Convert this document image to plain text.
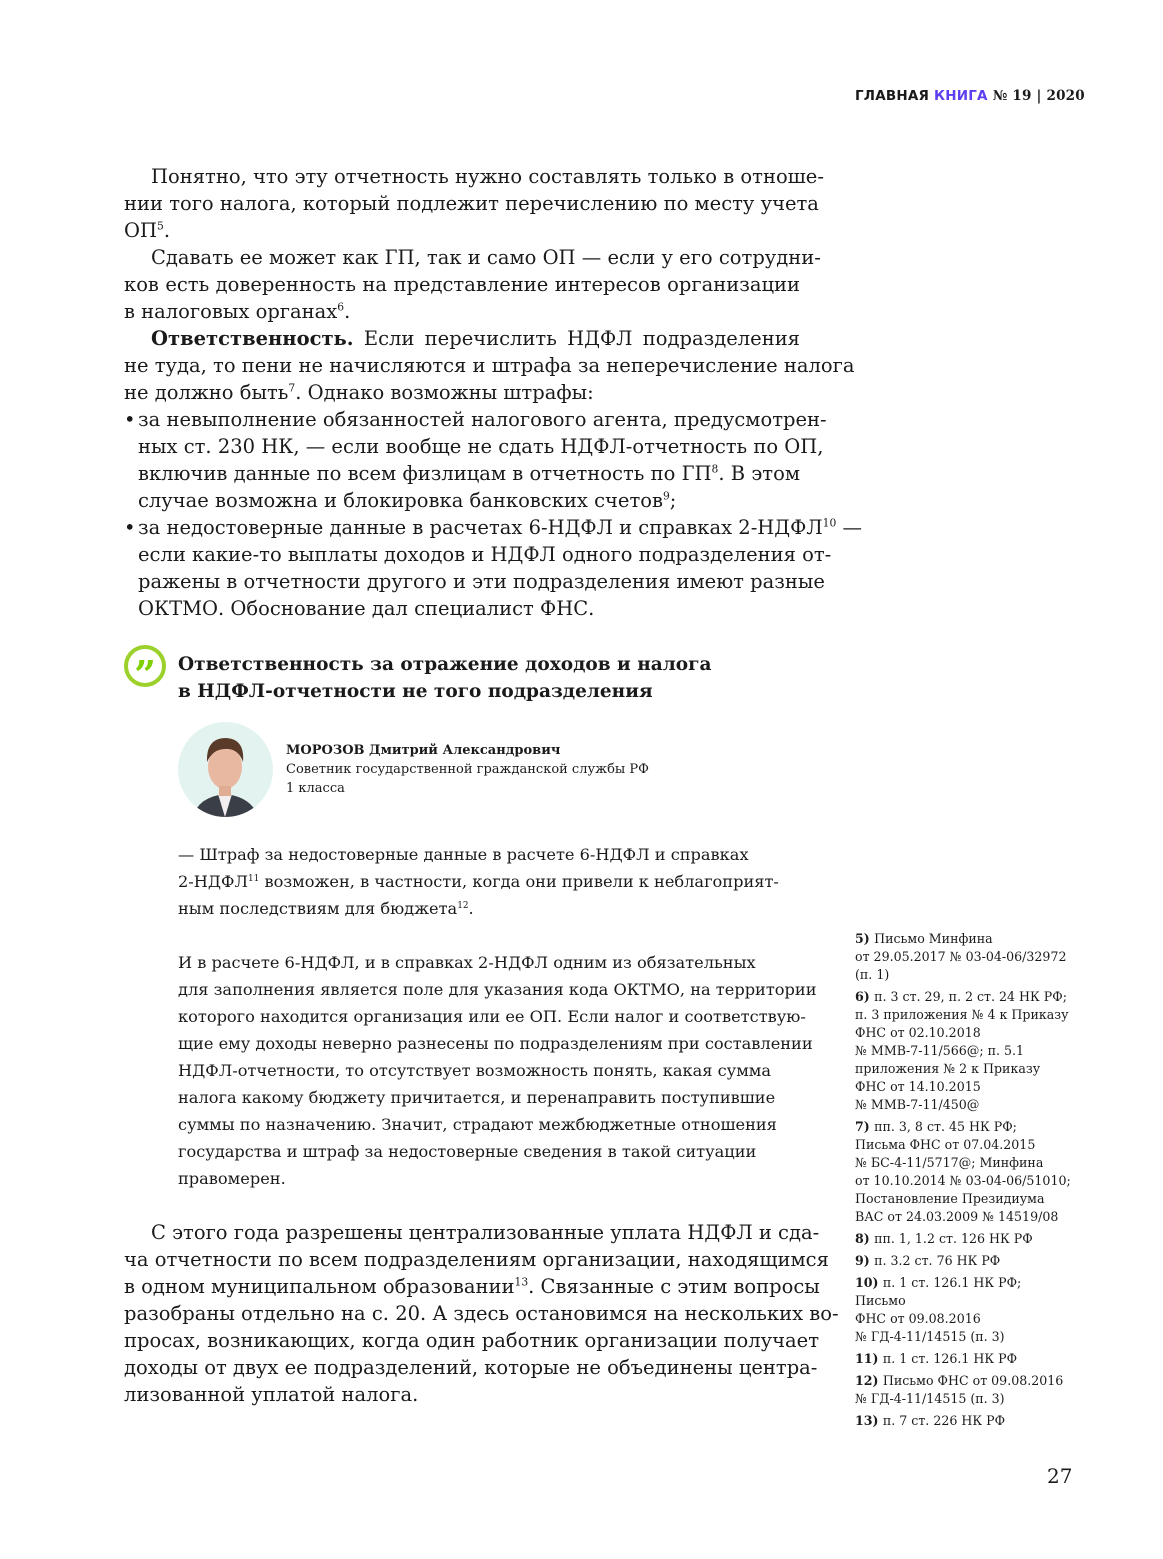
ГЛАВНАЯ КНИГА № 19 | 2020
Понятно, что эту отчетность нужно составлять только в отноше-
нии того налога, который подлежит перечислению по месту учета
$ОП^5$.
Сдавать ее может как ГП, так и само ОП — если у его сотрудни-
ков есть доверенность на представление интересов организации
в налоговых органах$^6$.
Ответственность. Если перечислить НДФЛ подразделения
не туда, то пени не начисляются и штрафа за неперечисление налога
не должно быть$^7$. Однако возможны штрафы:
• за невыполнение обязанностей налогового агента, предусмотрен-
ных ст. 230 НК, — если вообще не сдать НДФЛ-отчетность по ОП,
включив данные по всем физлицам в отчетность по $ГП^8$. В этом
случае возможна и блокировка банковских счетов$^9$;
• за недостоверные данные в расчетах 6-НДФЛ и справках 2-НДФЛ$^{10}$ —
если какие-то выплаты доходов и НДФЛ одного подразделения от-
ражены в отчетности другого и эти подразделения имеют разные
ОКТМО. Обоснование дал специалист ФНС.
”	Ответственность за отражение доходов и налога
в НДФЛ-отчетности не того подразделения
МОРОЗОВ Дмитрий Александрович
Советник государственной гражданской службы РФ
1 класса
— Штраф за недостоверные данные в расчете 6-НДФЛ и справках
2-НДФЛ$^{11}$ возможен, в частности, когда они привели к неблагоприят-
ным последствиям для бюджета$^{12}$.
И в расчете 6-НДФЛ, и в справках 2-НДФЛ одним из обязательных
для заполнения является поле для указания кода ОКТМО, на территории
которого находится организация или ее ОП. Если налог и соответствую-
щие ему доходы неверно разнесены по подразделениям при составлении
НДФЛ-отчетности, то отсутствует возможность понять, какая сумма
налога какому бюджету причитается, и перенаправить поступившие
суммы по назначению. Значит, страдают межбюджетные отношения
государства и штраф за недостоверные сведения в такой ситуации
правомерен.
С этого года разрешены централизованные уплата НДФЛ и сда-
ча отчетности по всем подразделениям организации, находящимся
в одном муниципальном образовании$^{13}$. Связанные с этим вопросы
разобраны отдельно на с. 20. А здесь остановимся на нескольких во-
просах, возникающих, когда один работник организации получает
доходы от двух ее подразделений, которые не объединены центра-
лизованной уплатой налога.
5) Письмо Минфина
от 29.05.2017 № 03-04-06/32972
(п. 1)
6) п. 3 ст. 29, п. 2 ст. 24 НК РФ;
п. 3 приложения № 4 к Приказу
ФНС от 02.10.2018
№ ММВ-7-11/566@; п. 5.1
приложения № 2 к Приказу
ФНС от 14.10.2015
№ ММВ-7-11/450@
7) пп. 3, 8 ст. 45 НК РФ;
Письма ФНС от 07.04.2015
№ БС-4-11/5717@; Минфина
от 10.10.2014 № 03-04-06/51010;
Постановление Президиума
ВАС от 24.03.2009 № 14519/08
8) пп. 1, 1.2 ст. 126 НК РФ
9) п. 3.2 ст. 76 НК РФ
10) п. 1 ст. 126.1 НК РФ; Письмо
ФНС от 09.08.2016
№ ГД-4-11/14515 (п. 3)
11) п. 1 ст. 126.1 НК РФ
12) Письмо ФНС от 09.08.2016
№ ГД-4-11/14515 (п. 3)
13) п. 7 ст. 226 НК РФ
27
